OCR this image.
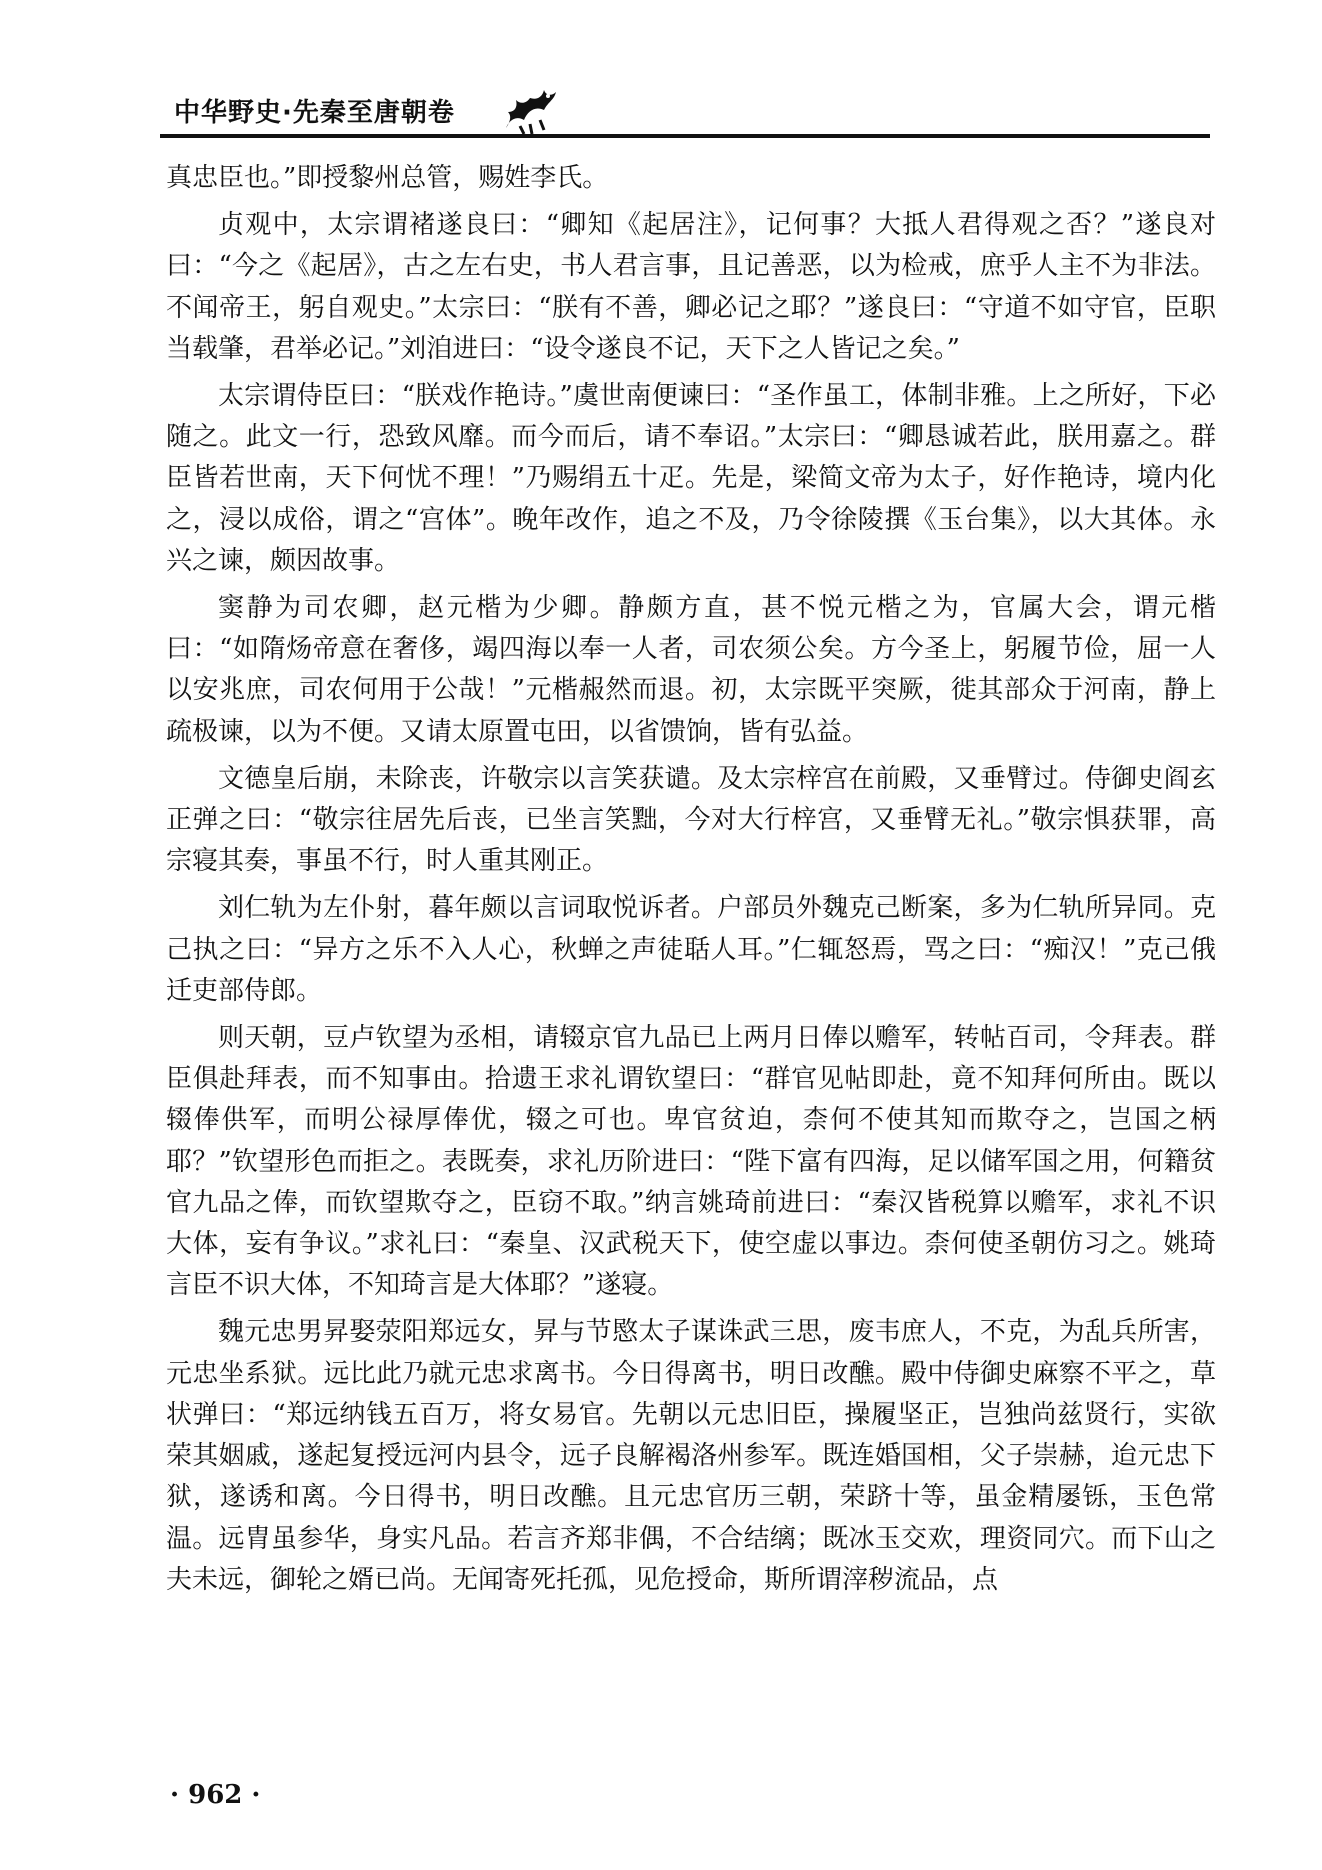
中华野史·先秦至唐朝卷

真忠臣也。”即授黎州总管，赐姓李氏。

贞观中，太宗谓褚遂良曰：“卿知《起居注》，记何事？大抵人君得观之否？”遂良对曰：“今之《起居》，古之左右史，书人君言事，且记善恶，以为检戒，庶乎人主不为非法。不闻帝王，躬自观史。”太宗曰：“朕有不善，卿必记之耶？”遂良曰：“守道不如守官，臣职当载肇，君举必记。”刘洎进曰：“设令遂良不记，天下之人皆记之矣。”

太宗谓侍臣曰：“朕戏作艳诗。”虞世南便谏曰：“圣作虽工，体制非雅。上之所好，下必随之。此文一行，恐致风靡。而今而后，请不奉诏。”太宗曰：“卿恳诚若此，朕用嘉之。群臣皆若世南，天下何忧不理！”乃赐绢五十疋。先是，梁简文帝为太子，好作艳诗，境内化之，浸以成俗，谓之“宫体”。晚年改作，追之不及，乃令徐陵撰《玉台集》，以大其体。永兴之谏，颇因故事。

窦静为司农卿，赵元楷为少卿。静颇方直，甚不悦元楷之为，官属大会，谓元楷曰：“如隋炀帝意在奢侈，竭四海以奉一人者，司农须公矣。方今圣上，躬履节俭，屈一人以安兆庶，司农何用于公哉！”元楷赧然而退。初，太宗既平突厥，徙其部众于河南，静上疏极谏，以为不便。又请太原置屯田，以省馈饷，皆有弘益。

文德皇后崩，未除丧，许敬宗以言笑获谴。及太宗梓宫在前殿，又垂臂过。侍御史阎玄正弹之曰：“敬宗往居先后丧，已坐言笑黜，今对大行梓宫，又垂臂无礼。”敬宗惧获罪，高宗寝其奏，事虽不行，时人重其刚正。

刘仁轨为左仆射，暮年颇以言词取悦诉者。户部员外魏克己断案，多为仁轨所异同。克己执之曰：“异方之乐不入人心，秋蝉之声徒聒人耳。”仁辄怒焉，骂之曰：“痴汉！”克己俄迁吏部侍郎。

则天朝，豆卢钦望为丞相，请辍京官九品已上两月日俸以赡军，转帖百司，令拜表。群臣俱赴拜表，而不知事由。拾遗王求礼谓钦望曰：“群官见帖即赴，竟不知拜何所由。既以辍俸供军，而明公禄厚俸优，辍之可也。卑官贫迫，柰何不使其知而欺夺之，岂国之柄耶？”钦望形色而拒之。表既奏，求礼历阶进曰：“陛下富有四海，足以储军国之用，何籍贫官九品之俸，而钦望欺夺之，臣窃不取。”纳言姚琦前进曰：“秦汉皆税算以赡军，求礼不识大体，妄有争议。”求礼曰：“秦皇、汉武税天下，使空虚以事边。柰何使圣朝仿习之。姚琦言臣不识大体，不知琦言是大体耶？”遂寝。

魏元忠男昇娶荥阳郑远女，昇与节愍太子谋诛武三思，废韦庶人，不克，为乱兵所害，元忠坐系狱。远比此乃就元忠求离书。今日得离书，明日改醮。殿中侍御史麻察不平之，草状弹曰：“郑远纳钱五百万，将女易官。先朝以元忠旧臣，操履坚正，岂独尚兹贤行，实欲荣其姻戚，遂起复授远河内县令，远子良解褐洛州参军。既连婚国相，父子崇赫，迨元忠下狱，遂诱和离。今日得书，明日改醮。且元忠官历三朝，荣跻十等，虽金精屡铄，玉色常温。远胄虽参华，身实凡品。若言齐郑非偶，不合结缡；既冰玉交欢，理资同穴。而下山之夫未远，御轮之婿已尚。无闻寄死托孤，见危授命，斯所谓滓秽流品，点

· 962 ·
